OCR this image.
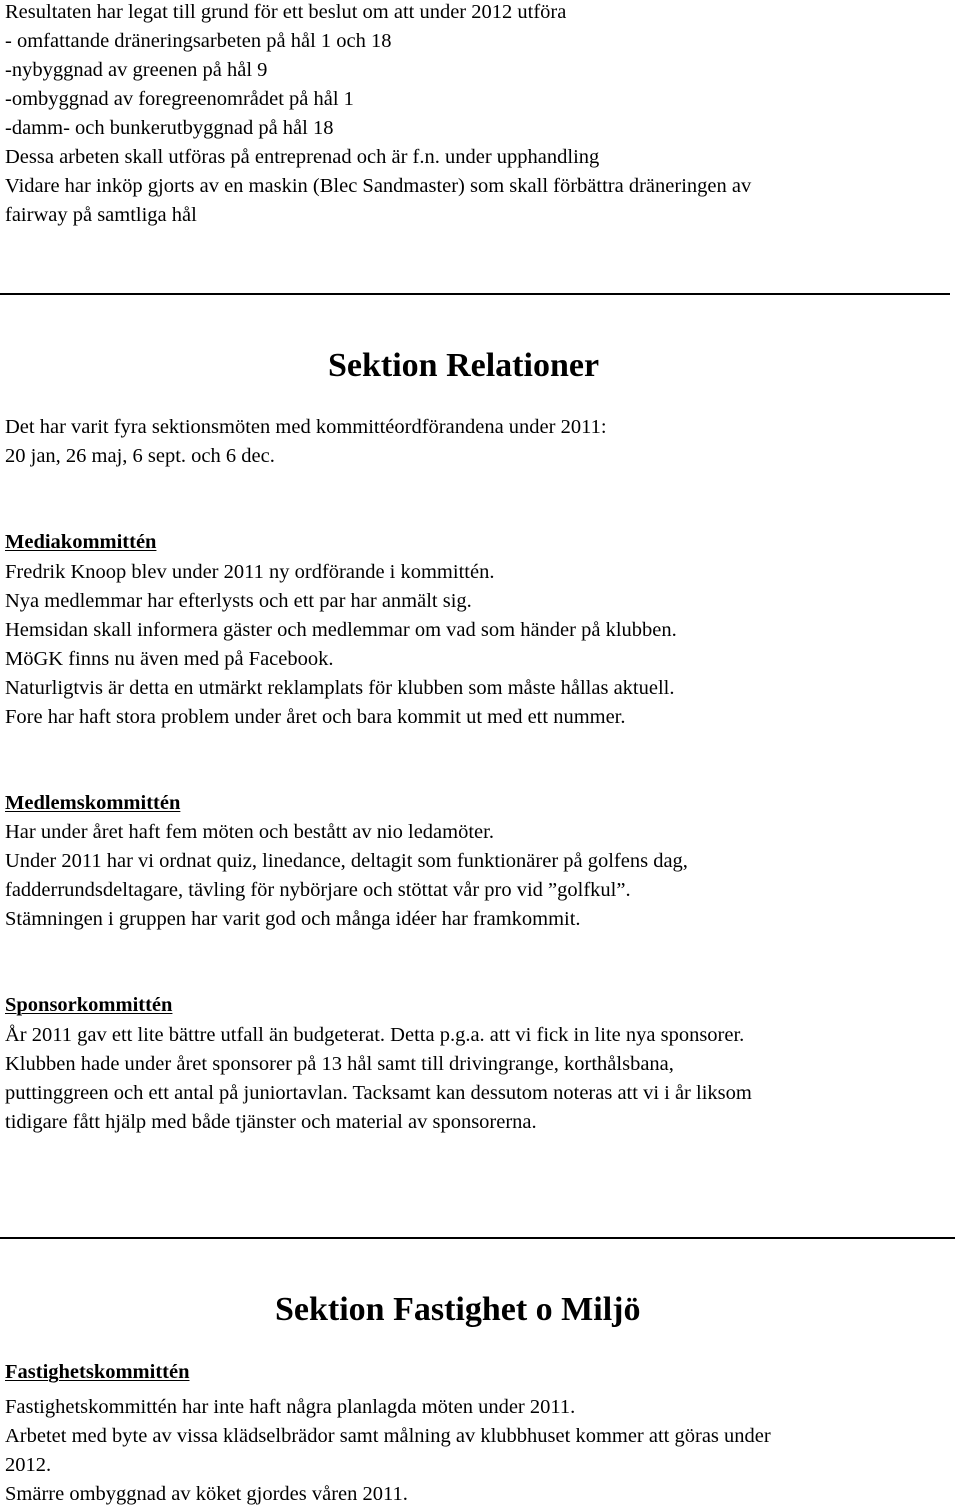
Resultaten har legat till grund för ett beslut om att under 2012 utföra
- omfattande dräneringsarbeten på hål 1 och 18
-nybyggnad av greenen på hål 9
-ombyggnad av foregreenområdet på hål 1
-damm- och bunkerutbyggnad på hål 18
Dessa arbeten skall utföras på entreprenad och är f.n. under upphandling
Vidare har inköp gjorts av en maskin (Blec Sandmaster) som skall förbättra dräneringen av
fairway på samtliga hål
Sektion Relationer
Det har varit fyra sektionsmöten med kommittéordförandena under 2011:
20 jan, 26 maj, 6 sept. och 6 dec.
Mediakommittén
Fredrik Knoop blev under 2011 ny ordförande i kommittén.
Nya medlemmar har efterlysts och ett par har anmält sig.
Hemsidan skall informera gäster och medlemmar om vad som händer på klubben.
MöGK finns nu även med på Facebook.
Naturligtvis är detta en utmärkt reklamplats för klubben som måste hållas aktuell.
Fore har haft stora problem under året och bara kommit ut med ett nummer.
Medlemskommittén
Har under året haft fem möten och bestått av nio ledamöter.
Under 2011 har vi ordnat quiz, linedance, deltagit som funktionärer på golfens dag,
fadderrundsdeltagare, tävling för nybörjare och stöttat vår pro vid ”golfkul”.
Stämningen i gruppen har varit god och många idéer har framkommit.
Sponsorkommittén
År 2011 gav ett lite bättre utfall än budgeterat. Detta p.g.a. att vi fick in lite nya sponsorer.
Klubben hade under året sponsorer på 13 hål samt till drivingrange, korthålsbana,
puttinggreen och ett antal på juniortavlan. Tacksamt kan dessutom noteras att vi i år liksom
tidigare fått hjälp med både tjänster och material av sponsorerna.
Sektion Fastighet o Miljö
Fastighetskommittén
Fastighetskommittén har inte haft några planlagda möten under 2011.
Arbetet med byte av vissa klädselbrädor samt målning av klubbhuset kommer att göras under
2012.
Smärre ombyggnad av köket gjordes våren 2011.
